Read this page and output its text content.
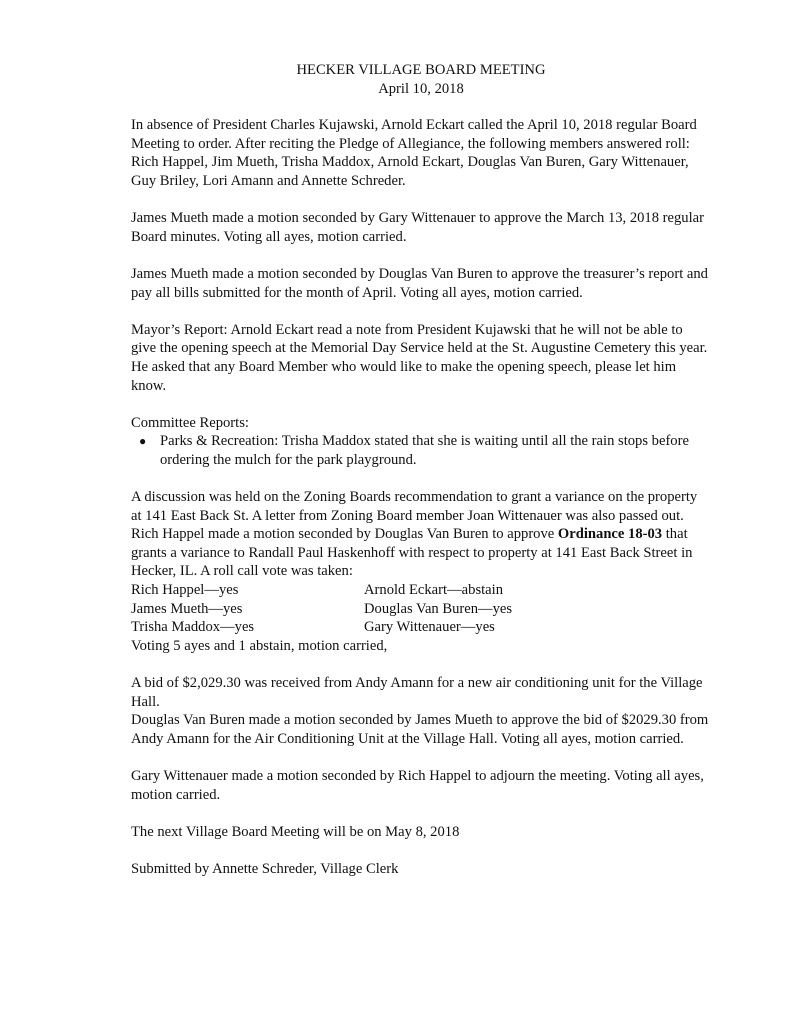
HECKER VILLAGE BOARD MEETING
April 10, 2018

In absence of President Charles Kujawski, Arnold Eckart called the April 10, 2018 regular Board Meeting to order. After reciting the Pledge of Allegiance, the following members answered roll: Rich Happel, Jim Mueth, Trisha Maddox, Arnold Eckart, Douglas Van Buren, Gary Wittenauer, Guy Briley, Lori Amann and Annette Schreder.

James Mueth made a motion seconded by Gary Wittenauer to approve the March 13, 2018 regular Board minutes. Voting all ayes, motion carried.

James Mueth made a motion seconded by Douglas Van Buren to approve the treasurer’s report and pay all bills submitted for the month of April. Voting all ayes, motion carried.

Mayor’s Report: Arnold Eckart read a note from President Kujawski that he will not be able to give the opening speech at the Memorial Day Service held at the St. Augustine Cemetery this year. He asked that any Board Member who would like to make the opening speech, please let him know.

Committee Reports:

● Parks & Recreation: Trisha Maddox stated that she is waiting until all the rain stops before ordering the mulch for the park playground.

A discussion was held on the Zoning Boards recommendation to grant a variance on the property at 141 East Back St. A letter from Zoning Board member Joan Wittenauer was also passed out.

Rich Happel made a motion seconded by Douglas Van Buren to approve Ordinance 18-03 that grants a variance to Randall Paul Haskenhoff with respect to property at 141 East Back Street in Hecker, IL. A roll call vote was taken:

Rich Happel—yes	Arnold Eckart—abstain
James Mueth—yes	Douglas Van Buren—yes
Trisha Maddox—yes	Gary Wittenauer—yes

Voting 5 ayes and 1 abstain, motion carried,

A bid of $2,029.30 was received from Andy Amann for a new air conditioning unit for the Village Hall.

Douglas Van Buren made a motion seconded by James Mueth to approve the bid of $2029.30 from Andy Amann for the Air Conditioning Unit at the Village Hall. Voting all ayes, motion carried.

Gary Wittenauer made a motion seconded by Rich Happel to adjourn the meeting. Voting all ayes, motion carried.

The next Village Board Meeting will be on May 8, 2018

Submitted by Annette Schreder, Village Clerk
